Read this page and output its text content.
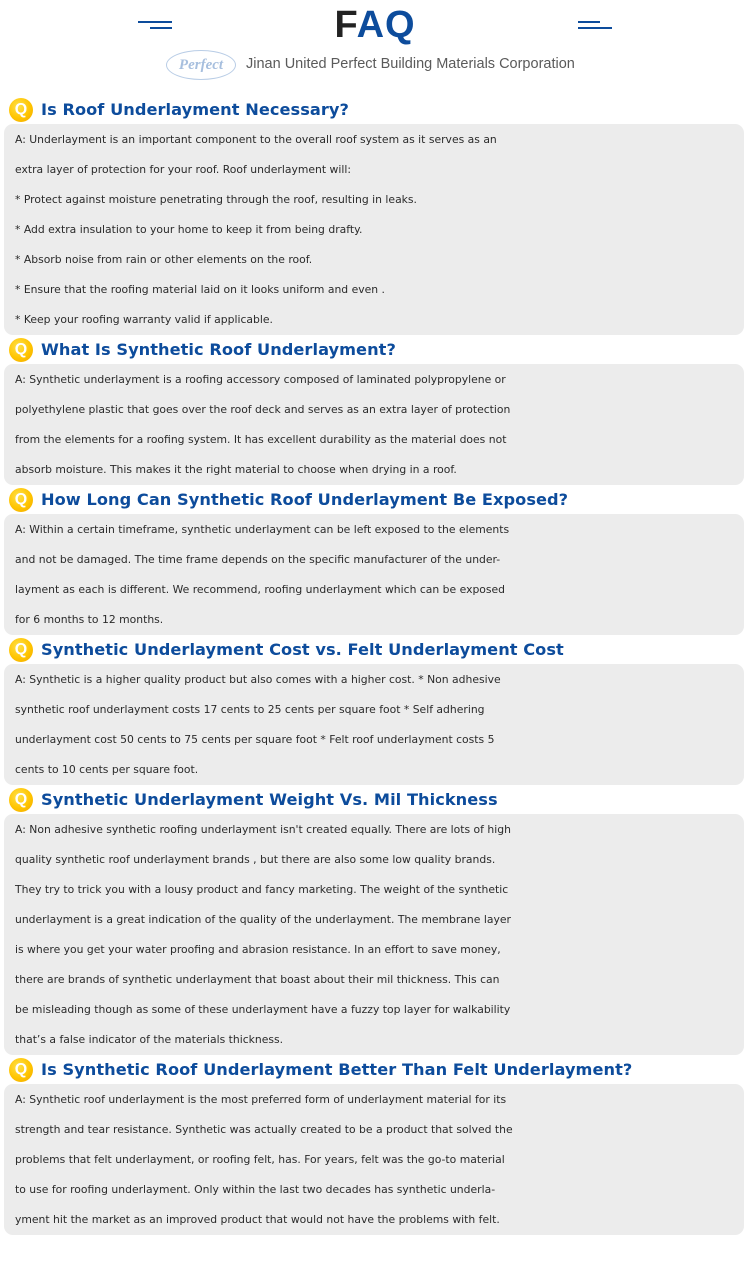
FAQ
Perfect	Jinan United Perfect Building Materials Corporation
Q Is Roof Underlayment Necessary?

A: Underlayment is an important component to the overall roof system as it serves as an

extra layer of protection for your roof. Roof underlayment will:

* Protect against moisture penetrating through the roof, resulting in leaks.

* Add extra insulation to your home to keep it from being drafty.

* Absorb noise from rain or other elements on the roof.

* Ensure that the roofing material laid on it looks uniform and even .

* Keep your roofing warranty valid if applicable.

Q What Is Synthetic Roof Underlayment?

A: Synthetic underlayment is a roofing accessory composed of laminated polypropylene or

polyethylene plastic that goes over the roof deck and serves as an extra layer of protection

from the elements for a roofing system. It has excellent durability as the material does not

absorb moisture. This makes it the right material to choose when drying in a roof.

Q How Long Can Synthetic Roof Underlayment Be Exposed?

A: Within a certain timeframe, synthetic underlayment can be left exposed to the elements

and not be damaged. The time frame depends on the specific manufacturer of the under-

layment as each is different. We recommend, roofing underlayment which can be exposed

for 6 months to 12 months.

Q Synthetic Underlayment Cost vs. Felt Underlayment Cost

A: Synthetic is a higher quality product but also comes with a higher cost. * Non adhesive

synthetic roof underlayment costs 17 cents to 25 cents per square foot * Self adhering

underlayment cost 50 cents to 75 cents per square foot * Felt roof underlayment costs 5

cents to 10 cents per square foot.

Q Synthetic Underlayment Weight Vs. Mil Thickness

A: Non adhesive synthetic roofing underlayment isn't created equally. There are lots of high

quality synthetic roof underlayment brands , but there are also some low quality brands.

They try to trick you with a lousy product and fancy marketing. The weight of the synthetic

underlayment is a great indication of the quality of the underlayment. The membrane layer

is where you get your water proofing and abrasion resistance. In an effort to save money,

there are brands of synthetic underlayment that boast about their mil thickness. This can

be misleading though as some of these underlayment have a fuzzy top layer for walkability

that’s a false indicator of the materials thickness.

Q Is Synthetic Roof Underlayment Better Than Felt Underlayment?

A: Synthetic roof underlayment is the most preferred form of underlayment material for its

strength and tear resistance. Synthetic was actually created to be a product that solved the

problems that felt underlayment, or roofing felt, has. For years, felt was the go-to material

to use for roofing underlayment. Only within the last two decades has synthetic underla-

yment hit the market as an improved product that would not have the problems with felt.
